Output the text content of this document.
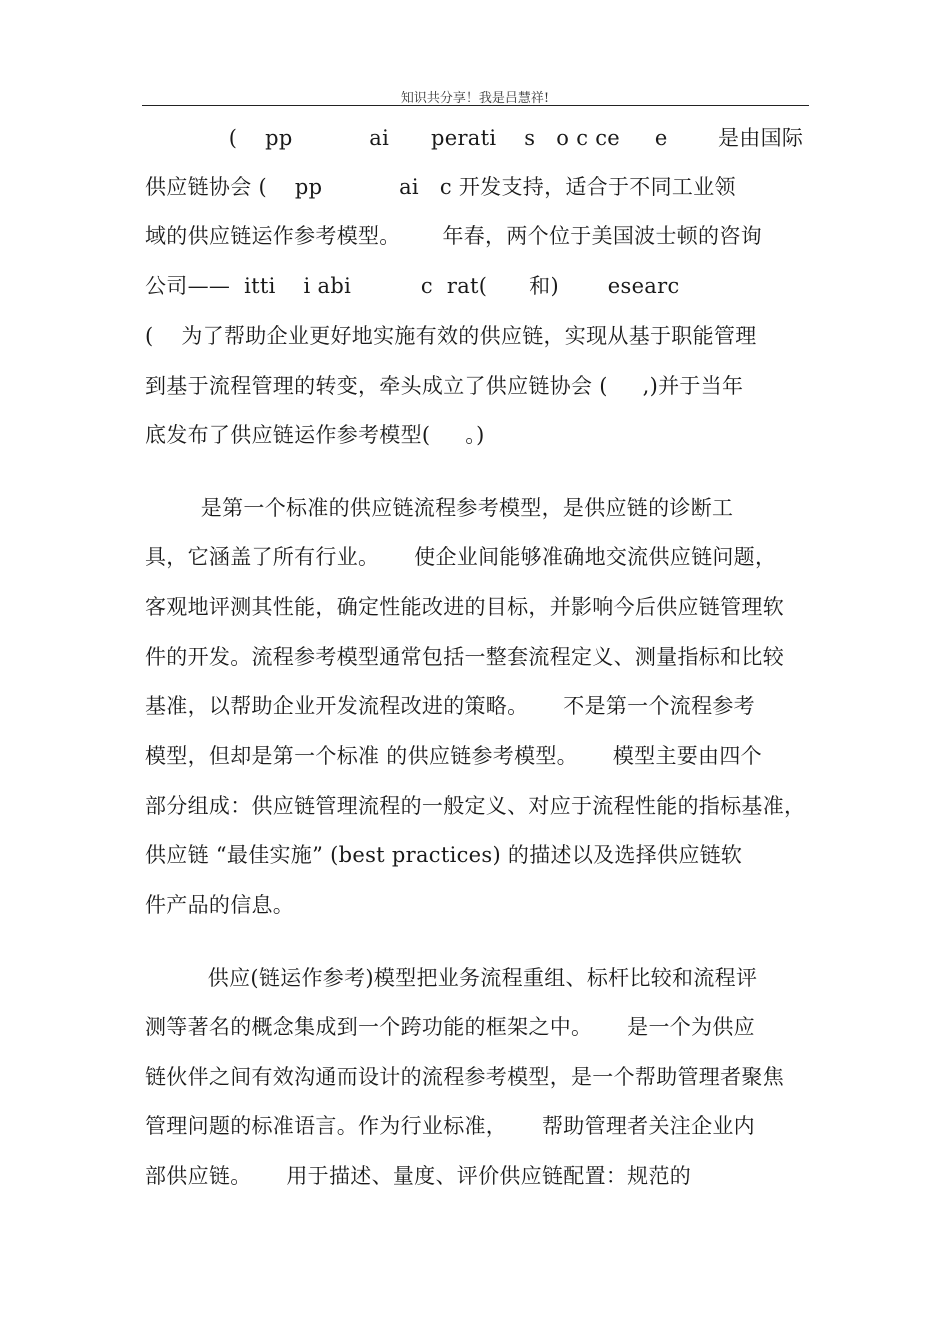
知识共分享！我是吕慧祥!
(    pp           ai      perati    s   o c ce     e	是由国际
供应链协会 (    pp           ai   c 开发支持，适合于不同工业领
域的供应链运作参考模型。      年春，两个位于美国波士顿的咨询
公司——  itti    i abi          c  rat(      和)       esearc
(    为了帮助企业更好地实施有效的供应链，实现从基于职能管理
到基于流程管理的转变，牵头成立了供应链协会 (     ,)并于当年
底发布了供应链运作参考模型(     。)
是第一个标准的供应链流程参考模型，是供应链的诊断工
具，它涵盖了所有行业。     使企业间能够准确地交流供应链问题，
客观地评测其性能，确定性能改进的目标，并影响今后供应链管理软
件的开发。流程参考模型通常包括一整套流程定义、测量指标和比较
基准，以帮助企业开发流程改进的策略。     不是第一个流程参考
模型，但却是第一个标准 的供应链参考模型。     模型主要由四个
部分组成：供应链管理流程的一般定义、对应于流程性能的指标基准，
供应链 “最佳实施” (best practices) 的描述以及选择供应链软
件产品的信息。
供应(链运作参考)模型把业务流程重组、标杆比较和流程评
测等著名的概念集成到一个跨功能的框架之中。     是一个为供应
链伙伴之间有效沟通而设计的流程参考模型，是一个帮助管理者聚焦
管理问题的标准语言。作为行业标准，     帮助管理者关注企业内
部供应链。     用于描述、量度、评价供应链配置：规范的
